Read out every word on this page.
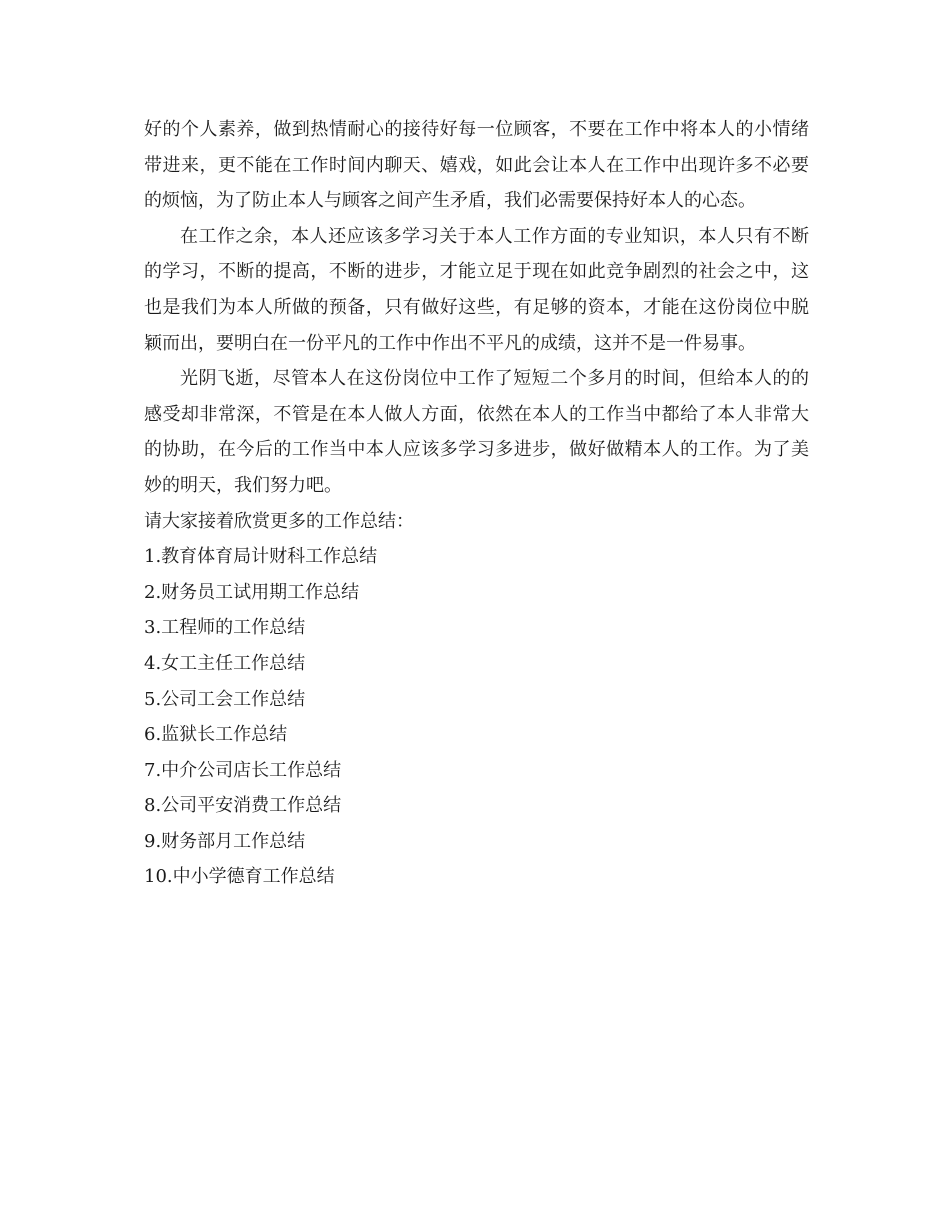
好的个人素养，做到热情耐心的接待好每一位顾客，不要在工作中将本人的小情绪带进来，更不能在工作时间内聊天、嬉戏，如此会让本人在工作中出现许多不必要的烦恼，为了防止本人与顾客之间产生矛盾，我们必需要保持好本人的心态。

在工作之余，本人还应该多学习关于本人工作方面的专业知识，本人只有不断的学习，不断的提高，不断的进步，才能立足于现在如此竞争剧烈的社会之中，这也是我们为本人所做的预备，只有做好这些，有足够的资本，才能在这份岗位中脱颖而出，要明白在一份平凡的工作中作出不平凡的成绩，这并不是一件易事。

光阴飞逝，尽管本人在这份岗位中工作了短短二个多月的时间，但给本人的的感受却非常深，不管是在本人做人方面，依然在本人的工作当中都给了本人非常大的协助，在今后的工作当中本人应该多学习多进步，做好做精本人的工作。为了美妙的明天，我们努力吧。

请大家接着欣赏更多的工作总结：

1.教育体育局计财科工作总结
2.财务员工试用期工作总结
3.工程师的工作总结
4.女工主任工作总结
5.公司工会工作总结
6.监狱长工作总结
7.中介公司店长工作总结
8.公司平安消费工作总结
9.财务部月工作总结
10.中小学德育工作总结
